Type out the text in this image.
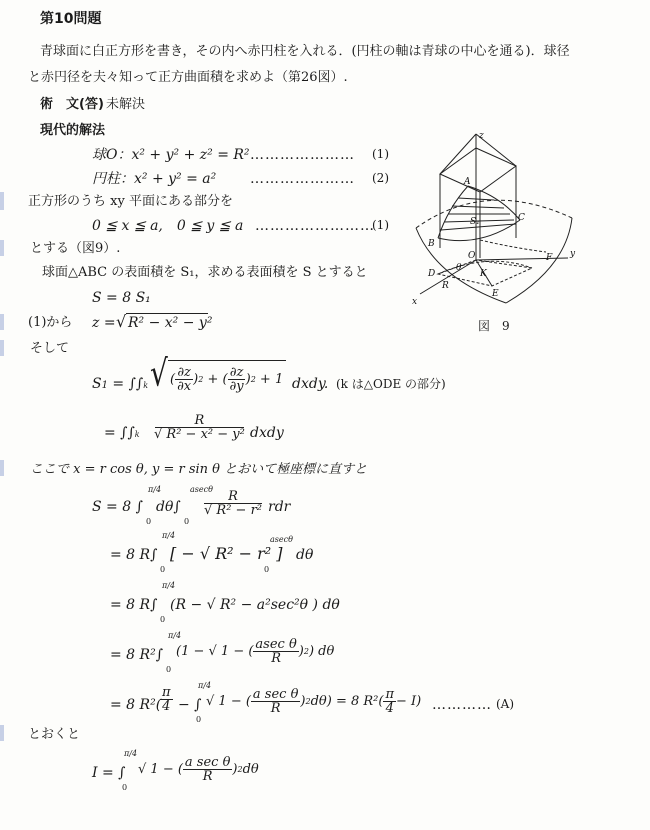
第10問題
青球面に白正方形を書き，その内へ赤円柱を入れる．(円柱の軸は青球の中心を通る)．球径
と赤円径を夫々知って正方曲面積を求めよ（第26図）.
術　文(答) 未解決
現代的解法
球O：x² + y² + z² = R² ………………… (1)
円柱：x² + y² = a² ………………… (2)
正方形のうち xy 平面にある部分を
0 ≦ x ≦ a,　0 ≦ y ≦ a ……………………
(1)
とする（図9）.
球面△ABC の表面積を S₁，求める表面積を S とすると
S = 8 S₁
(1)から z = √ R² − x² − y²
そして
S1 = ∫∫k √ ( $\frac{\partial z}{\partial x}$ ) 2 + ( $\frac{\partial z}{\partial y}$ ) 2 + 1 dxdy. (k は△ODE の部分)
= $\int\int k \frac{R}{\text{√ R² − x² − y²}}$ dxdy
ここで x = r cos θ, y = r sin θ とおいて極座標に直すと
S = 8 ∫
π/4
0
dθ∫
asecθ
0
$\frac{R}{\text{√ R² − r²}}$ rdr
= 8 R∫
π/4
0
[ − √ R² − r² ]
asecθ
0
dθ
= 8 R∫
π/4
0
(R − √ R² − a²sec²θ ) dθ
= 8 R²∫
π/4
0
(1 − √ 1 − ( $\frac{\text{asec θ}}{R}$ ) 2 ) dθ
= 8 R²(
$\frac{\pi}{4}$ − ∫
π/4
0
√ 1 − ( $\frac{\text{a sec θ}}{R}$ ) 2 dθ) = 8 $R^2( \frac{\pi}{4} - I)$ ………… (A)
とおくと
I = ∫
π/4
0
√ 1 − ( $\frac{\text{a sec θ}}{R}$ ) 2 dθ
z
A
S₁	C
B
O
K
F y
D
θ
R
E
x
図　9
